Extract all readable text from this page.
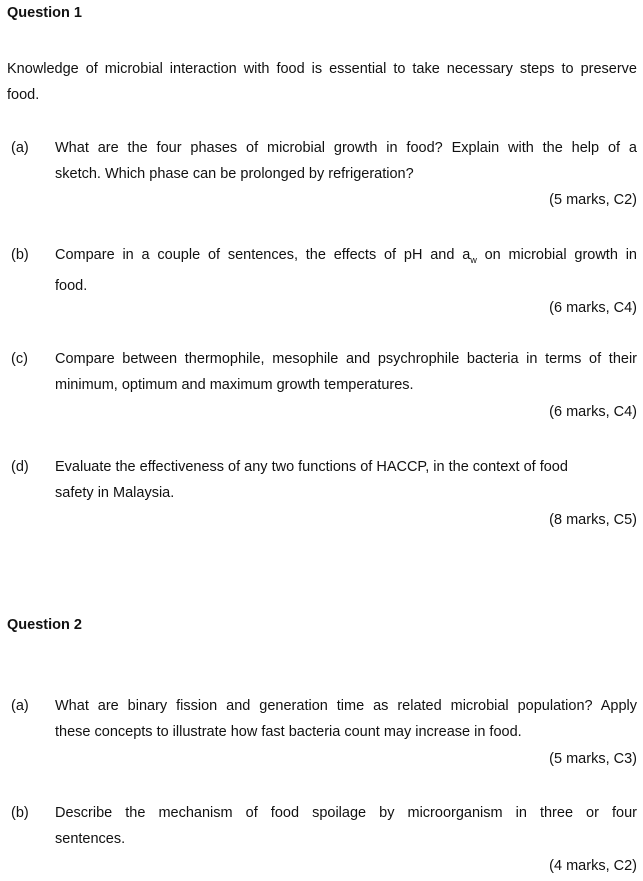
Question 1
Knowledge of microbial interaction with food is essential to take necessary steps to preserve
food.
(a) What are the four phases of microbial growth in food? Explain with the help of a
sketch. Which phase can be prolonged by refrigeration?
(5 marks, C2)
(b) Compare in a couple of sentences, the effects of pH and $a_w$ on microbial growth in
food.
(6 marks, C4)
(c) Compare between thermophile, mesophile and psychrophile bacteria in terms of their
minimum, optimum and maximum growth temperatures.
(6 marks, C4)
(d) Evaluate the effectiveness of any two functions of HACCP, in the context of food
safety in Malaysia.
(8 marks, C5)
Question 2
(a) What are binary fission and generation time as related microbial population? Apply
these concepts to illustrate how fast bacteria count may increase in food.
(5 marks, C3)
(b) Describe the mechanism of food spoilage by microorganism in three or four
sentences.
(4 marks, C2)
